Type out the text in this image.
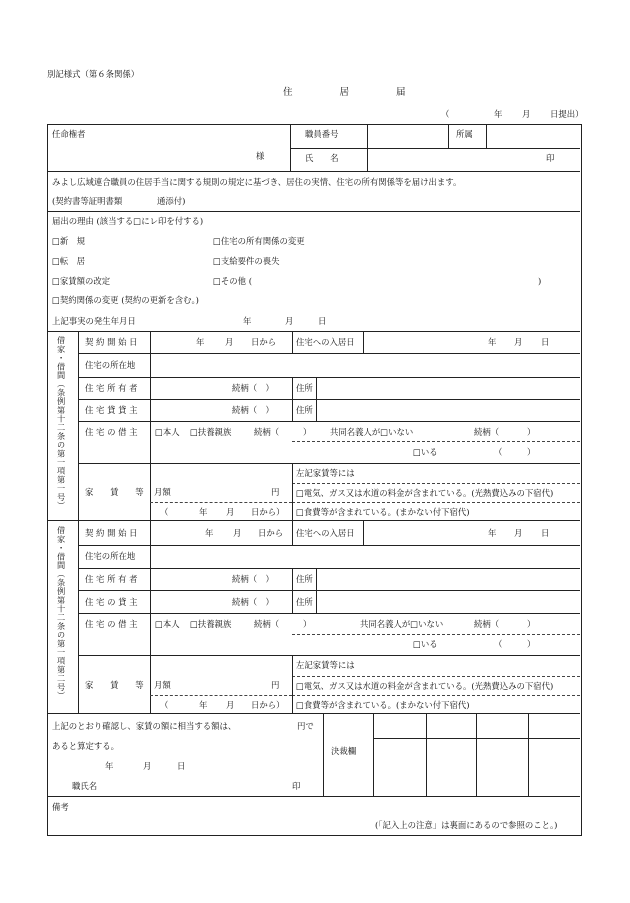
別記様式（第６条関係）
住 居 届
（	年 月 日提出）
任命権者
様
職員番号	所属
氏　　名	印
みよし広域連合職員の住居手当に関する規則の規定に基づき、居住の実情、住宅の所有関係等を届け出ます。
(契約書等証明書類	通添付)
届出の理由 (該当する□にレ印を付する)
□新　規	□住宅の所有関係の変更
□転　居	□支給要件の喪失
□家賃額の改定	□その他 (	)
□契約関係の変更 (契約の更新を含む。)
上記事実の発生年月日	年	月	日
借家・借間（条例第十二条の第一項第一号） 契 約 開 始 日	年 月 日から 住宅への入居日	年 月 日
住宅の所在地
住 宅 所 有 者	続柄（　）	住所
住 宅 貸 貸 主	続柄（　）	住所
住 宅 の 借 主 □本人 □扶養親族	続柄（	） 共同名義人が□いない	続柄（	）
□いる	（	）
家　　賃　　等 月額	円
（	年 月 日から）
左記家賃等には
□電気、ガス又は水道の料金が含まれている。(光熱費込みの下宿代)
□食費等が含まれている。(まかない付下宿代)
借家・借間（条例第十二条の第一項第二号） 契 約 開 始 日	年 月 日から 住宅への入居日	年 月 日
住宅の所在地
住 宅 所 有 者	続柄（　）	住所
住 宅 の 貸 主	続柄（　）	住所
住 宅 の 借 主 □本人 □扶養親族	続柄（	）	共同名義人が□いない	続柄（	）
□いる	（	）
家　　賃　　等 月額	円
（	年 月 日から）
左記家賃等には
□電気、ガス又は水道の料金が含まれている。(光熱費込みの下宿代)
□食費等が含まれている。(まかない付下宿代)
上記のとおり確認し、家賃の額に相当する額は、	円で
あると算定する。
年	月	日
職氏名	印
決裁欄
備考
(「記入上の注意」は裏面にあるので参照のこと。)
